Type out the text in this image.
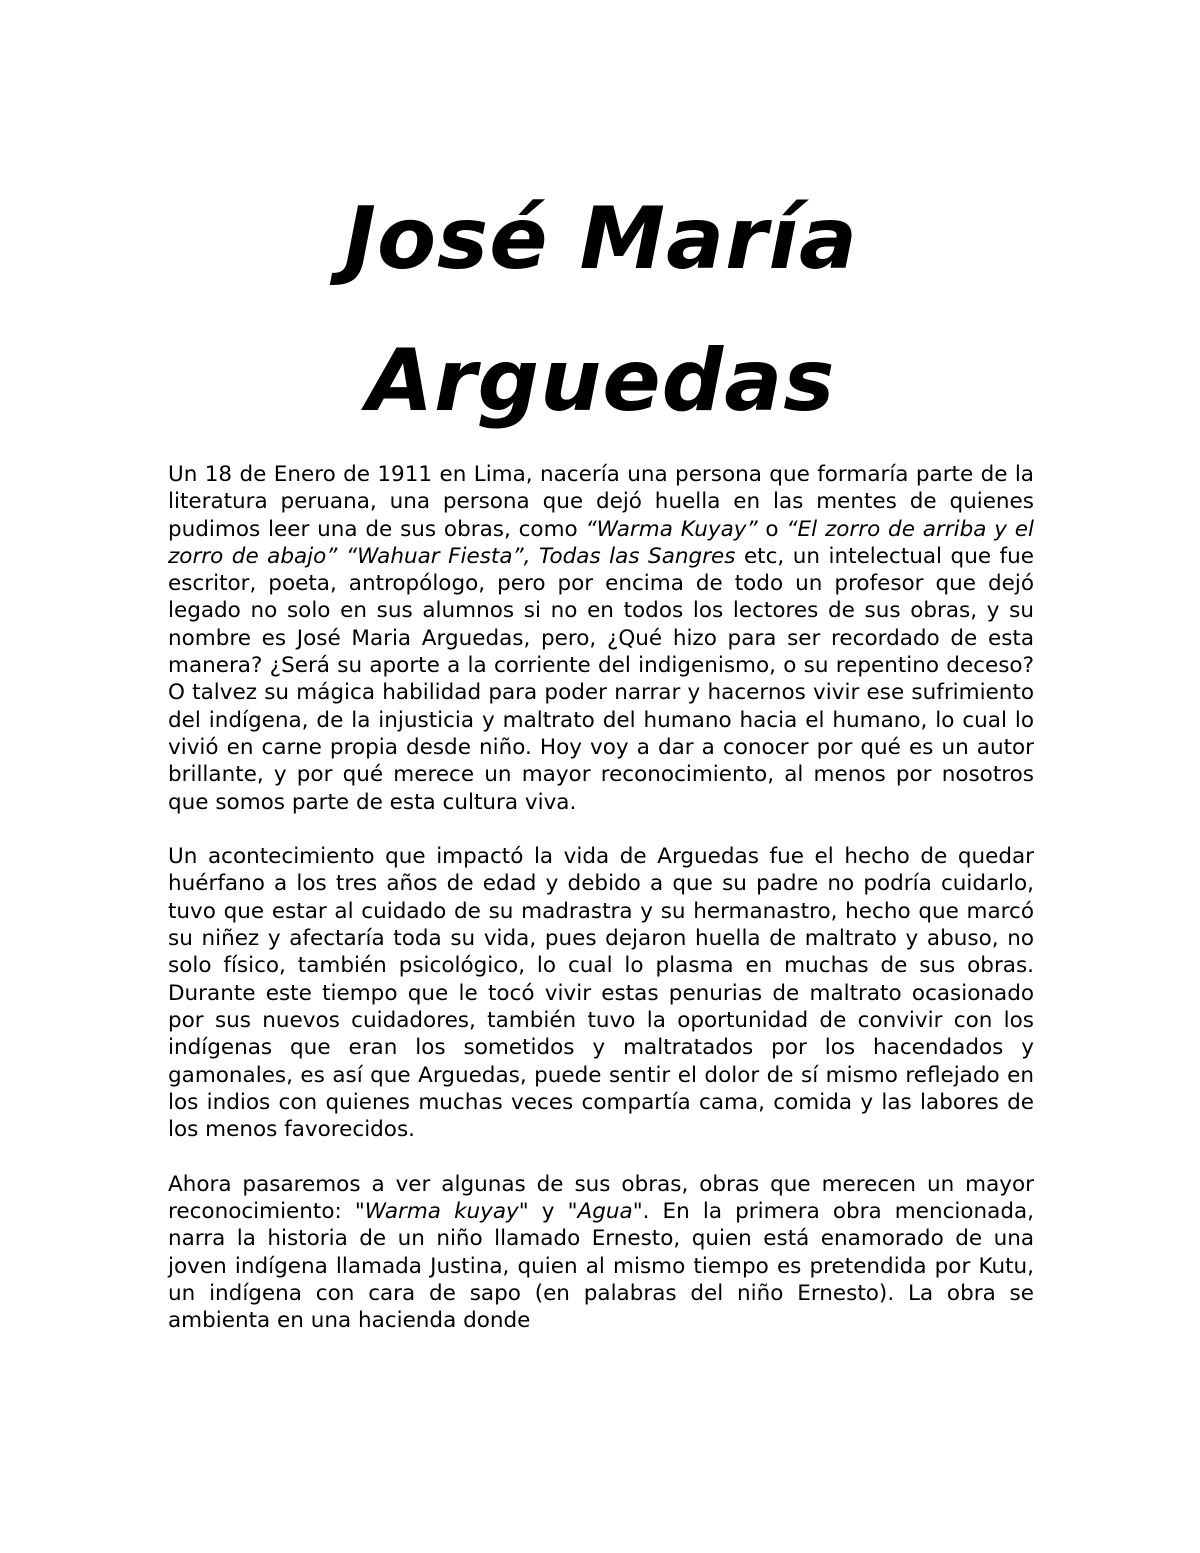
José María
Arguedas

Un 18 de Enero de 1911 en Lima, nacería una persona que formaría parte de la literatura peruana, una persona que dejó huella en las mentes de quienes pudimos leer una de sus obras, como “Warma Kuyay” o “El zorro de arriba y el zorro de abajo” “Wahuar Fiesta”, Todas las Sangres etc, un intelectual que fue escritor, poeta, antropólogo, pero por encima de todo un profesor que dejó legado no solo en sus alumnos si no en todos los lectores de sus obras, y su nombre es José Maria Arguedas, pero, ¿Qué hizo para ser recordado de esta manera? ¿Será su aporte a la corriente del indigenismo, o su repentino deceso? O talvez su mágica habilidad para poder narrar y hacernos vivir ese sufrimiento del indígena, de la injusticia y maltrato del humano hacia el humano, lo cual lo vivió en carne propia desde niño. Hoy voy a dar a conocer por qué es un autor brillante, y por qué merece un mayor reconocimiento, al menos por nosotros que somos parte de esta cultura viva.

Un acontecimiento que impactó la vida de Arguedas fue el hecho de quedar huérfano a los tres años de edad y debido a que su padre no podría cuidarlo, tuvo que estar al cuidado de su madrastra y su hermanastro, hecho que marcó su niñez y afectaría toda su vida, pues dejaron huella de maltrato y abuso, no solo físico, también psicológico, lo cual lo plasma en muchas de sus obras. Durante este tiempo que le tocó vivir estas penurias de maltrato ocasionado por sus nuevos cuidadores, también tuvo la oportunidad de convivir con los indígenas que eran los sometidos y maltratados por los hacendados y gamonales, es así que Arguedas, puede sentir el dolor de sí mismo reflejado en los indios con quienes muchas veces compartía cama, comida y las labores de los menos favorecidos.

Ahora pasaremos a ver algunas de sus obras, obras que merecen un mayor reconocimiento: "Warma kuyay" y "Agua". En la primera obra mencionada, narra la historia de un niño llamado Ernesto, quien está enamorado de una joven indígena llamada Justina, quien al mismo tiempo es pretendida por Kutu, un indígena con cara de sapo (en palabras del niño Ernesto). La obra se ambienta en una hacienda donde
